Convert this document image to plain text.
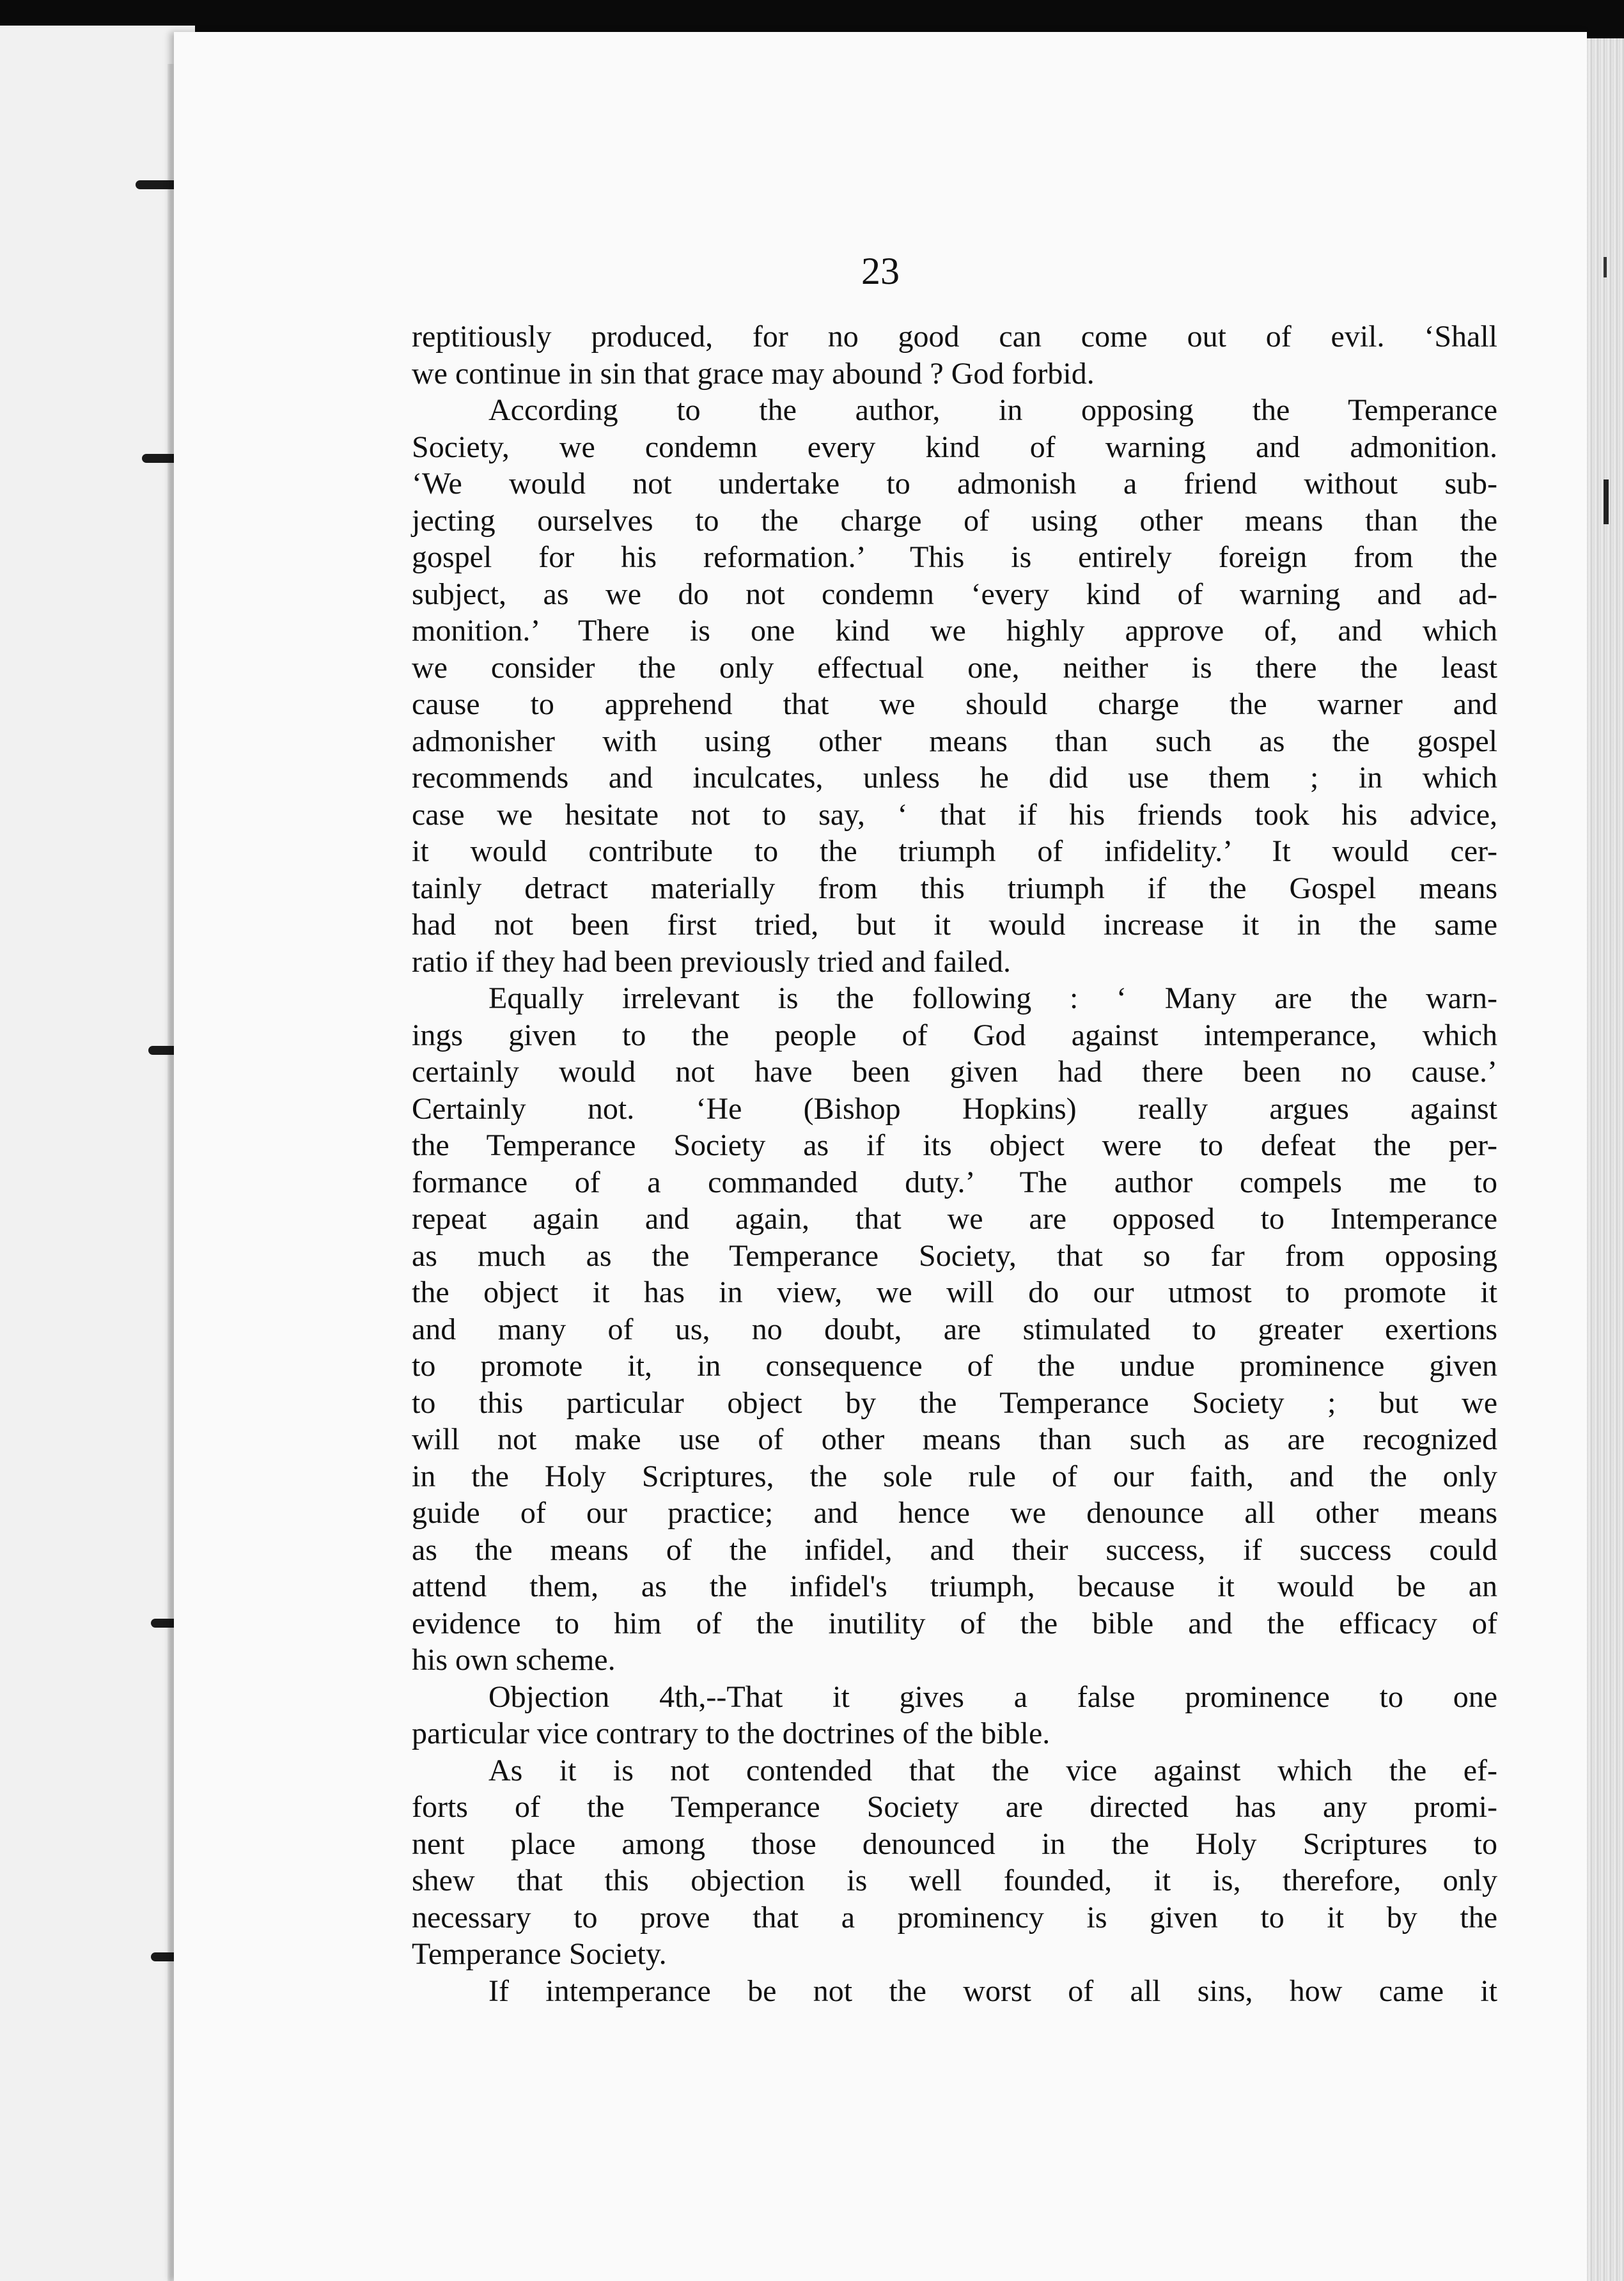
23

reptitiously produced, for no good can come out of evil. ‘Shall

we continue in sin that grace may abound ? God forbid.

According to the author, in opposing the Temperance

Society, we condemn every kind of warning and admonition.

‘We would not undertake to admonish a friend without sub-

jecting ourselves to the charge of using other means than the

gospel for his reformation.’ This is entirely foreign from the

subject, as we do not condemn ‘every kind of warning and ad-

monition.’ There is one kind we highly approve of, and which

we consider the only effectual one, neither is there the least

cause to apprehend that we should charge the warner and

admonisher with using other means than such as the gospel

recommends and inculcates, unless he did use them ; in which

case we hesitate not to say, ‘ that if his friends took his advice,

it would contribute to the triumph of infidelity.’ It would cer-

tainly detract materially from this triumph if the Gospel means

had not been first tried, but it would increase it in the same

ratio if they had been previously tried and failed.

Equally irrelevant is the following : ‘ Many are the warn-

ings given to the people of God against intemperance, which

certainly would not have been given had there been no cause.’

Certainly not. ‘He (Bishop Hopkins) really argues against

the Temperance Society as if its object were to defeat the per-

formance of a commanded duty.’ The author compels me to

repeat again and again, that we are opposed to Intemperance

as much as the Temperance Society, that so far from opposing

the object it has in view, we will do our utmost to promote it

and many of us, no doubt, are stimulated to greater exertions

to promote it, in consequence of the undue prominence given

to this particular object by the Temperance Society ; but we

will not make use of other means than such as are recognized

in the Holy Scriptures, the sole rule of our faith, and the only

guide of our practice; and hence we denounce all other means

as the means of the infidel, and their success, if success could

attend them, as the infidel's triumph, because it would be an

evidence to him of the inutility of the bible and the efficacy of

his own scheme.

Objection 4th,--That it gives a false prominence to one

particular vice contrary to the doctrines of the bible.

As it is not contended that the vice against which the ef-

forts of the Temperance Society are directed has any promi-

nent place among those denounced in the Holy Scriptures to

shew that this objection is well founded, it is, therefore, only

necessary to prove that a prominency is given to it by the

Temperance Society.

If intemperance be not the worst of all sins, how came it
